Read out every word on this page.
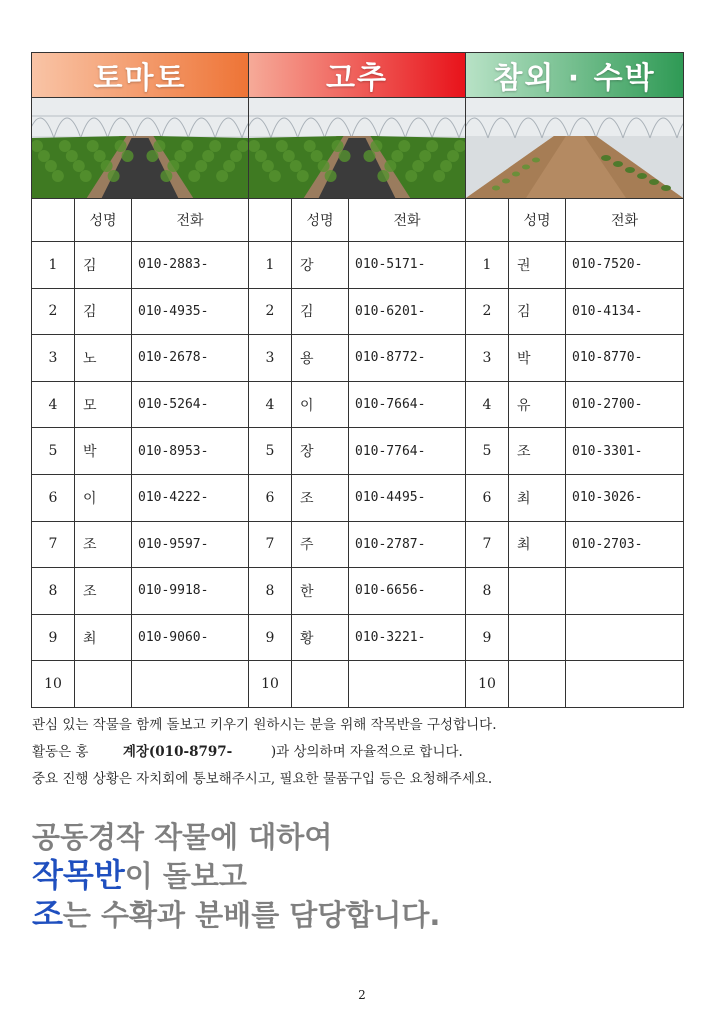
토마토
	성명	전화
1	김	010-2883-
2	김	010-4935-
3	노	010-2678-
4	모	010-5264-
5	박	010-8953-
6	이	010-4222-
7	조	010-9597-
8	조	010-9918-
9	최	010-9060-
10		
고추
	성명	전화
1	강	010-5171-
2	김	010-6201-
3	용	010-8772-
4	이	010-7664-
5	장	010-7764-
6	조	010-4495-
7	주	010-2787-
8	한	010-6656-
9	황	010-3221-
10		
참외 · 수박
	성명	전화
1	권	010-7520-
2	김	010-4134-
3	박	010-8770-
4	유	010-2700-
5	조	010-3301-
6	최	010-3026-
7	최	010-2703-
8		
9		
10		
관심 있는 작물을 함께 돌보고 키우기 원하시는 분을 위해 작목반을 구성합니다.
활동은 홍	계장(010-8797-	)과 상의하며 자율적으로 합니다.
중요 진행 상황은 자치회에 통보해주시고, 필요한 물품구입 등은 요청해주세요.
공동경작 작물에 대하여
작목반이 돌보고
조는 수확과 분배를 담당합니다.
2
